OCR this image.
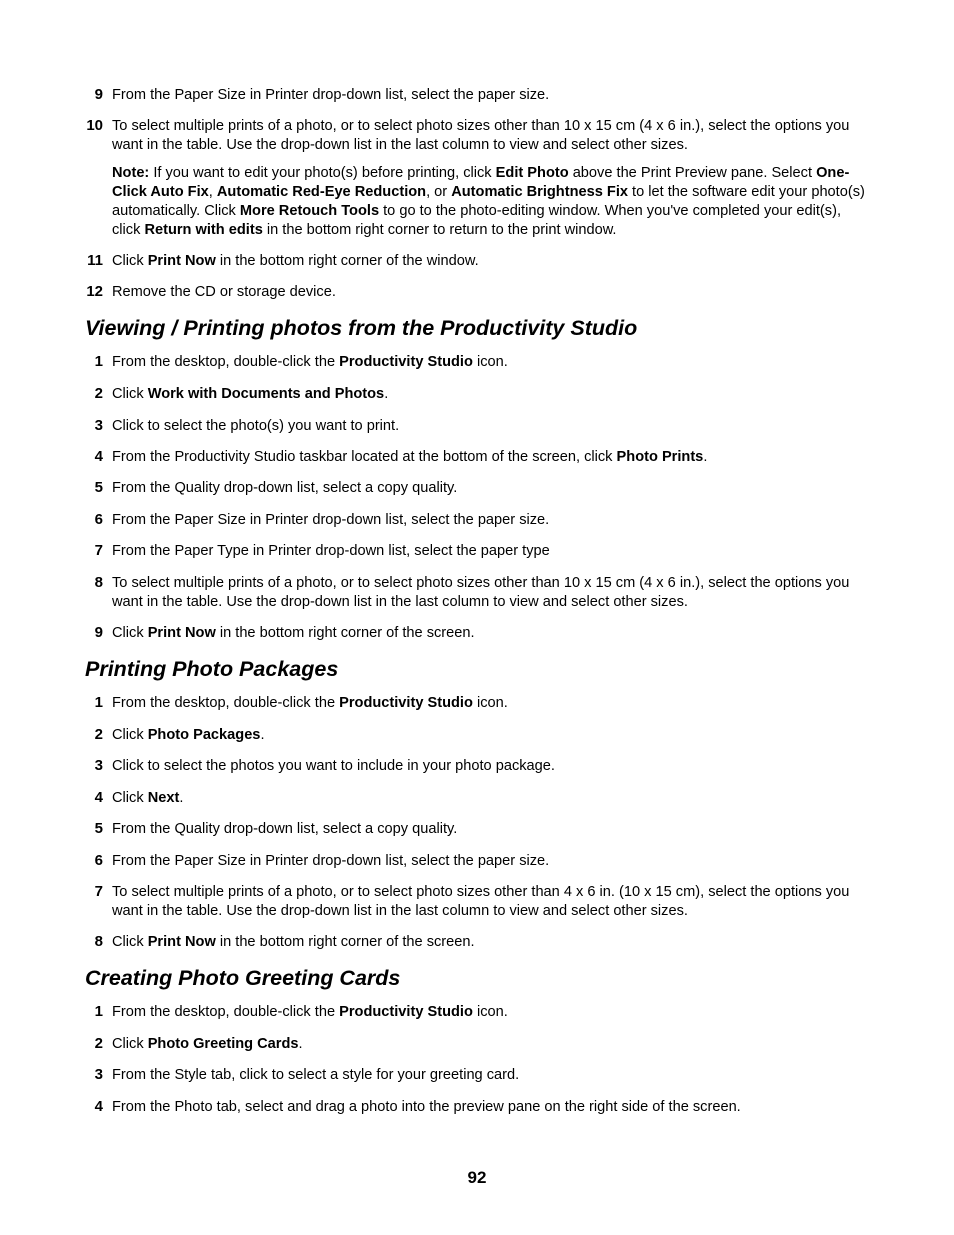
Viewing / Printing photos from the Productivity Studio
Printing Photo Packages
Creating Photo Greeting Cards
9 From the Paper Size in Printer drop-down list, select the paper size.
10 To select multiple prints of a photo, or to select photo sizes other than 10 x 15 cm (4 x 6 in.), select the options you want in the table. Use the drop-down list in the last column to view and select other sizes.
11 Click Print Now in the bottom right corner of the window.
12 Remove the CD or storage device.
1 From the desktop, double-click the Productivity Studio icon.
2 Click Work with Documents and Photos.
3 Click to select the photo(s) you want to print.
4 From the Productivity Studio taskbar located at the bottom of the screen, click Photo Prints.
5 From the Quality drop-down list, select a copy quality.
6 From the Paper Size in Printer drop-down list, select the paper size.
7 From the Paper Type in Printer drop-down list, select the paper type
8 To select multiple prints of a photo, or to select photo sizes other than 10 x 15 cm (4 x 6 in.), select the options you want in the table. Use the drop-down list in the last column to view and select other sizes.
9 Click Print Now in the bottom right corner of the screen.
1 From the desktop, double-click the Productivity Studio icon.
2 Click Photo Packages.
3 Click to select the photos you want to include in your photo package.
4 Click Next.
5 From the Quality drop-down list, select a copy quality.
6 From the Paper Size in Printer drop-down list, select the paper size.
7 To select multiple prints of a photo, or to select photo sizes other than 4 x 6 in. (10 x 15 cm), select the options you want in the table. Use the drop-down list in the last column to view and select other sizes.
8 Click Print Now in the bottom right corner of the screen.
1 From the desktop, double-click the Productivity Studio icon.
2 Click Photo Greeting Cards.
3 From the Style tab, click to select a style for your greeting card.
4 From the Photo tab, select and drag a photo into the preview pane on the right side of the screen.
Note: If you want to edit your photo(s) before printing, click Edit Photo above the Print Preview pane. Select One-Click Auto Fix, Automatic Red-Eye Reduction, or Automatic Brightness Fix to let the software edit your photo(s) automatically. Click More Retouch Tools to go to the photo-editing window. When you've completed your edit(s), click Return with edits in the bottom right corner to return to the print window.
92
